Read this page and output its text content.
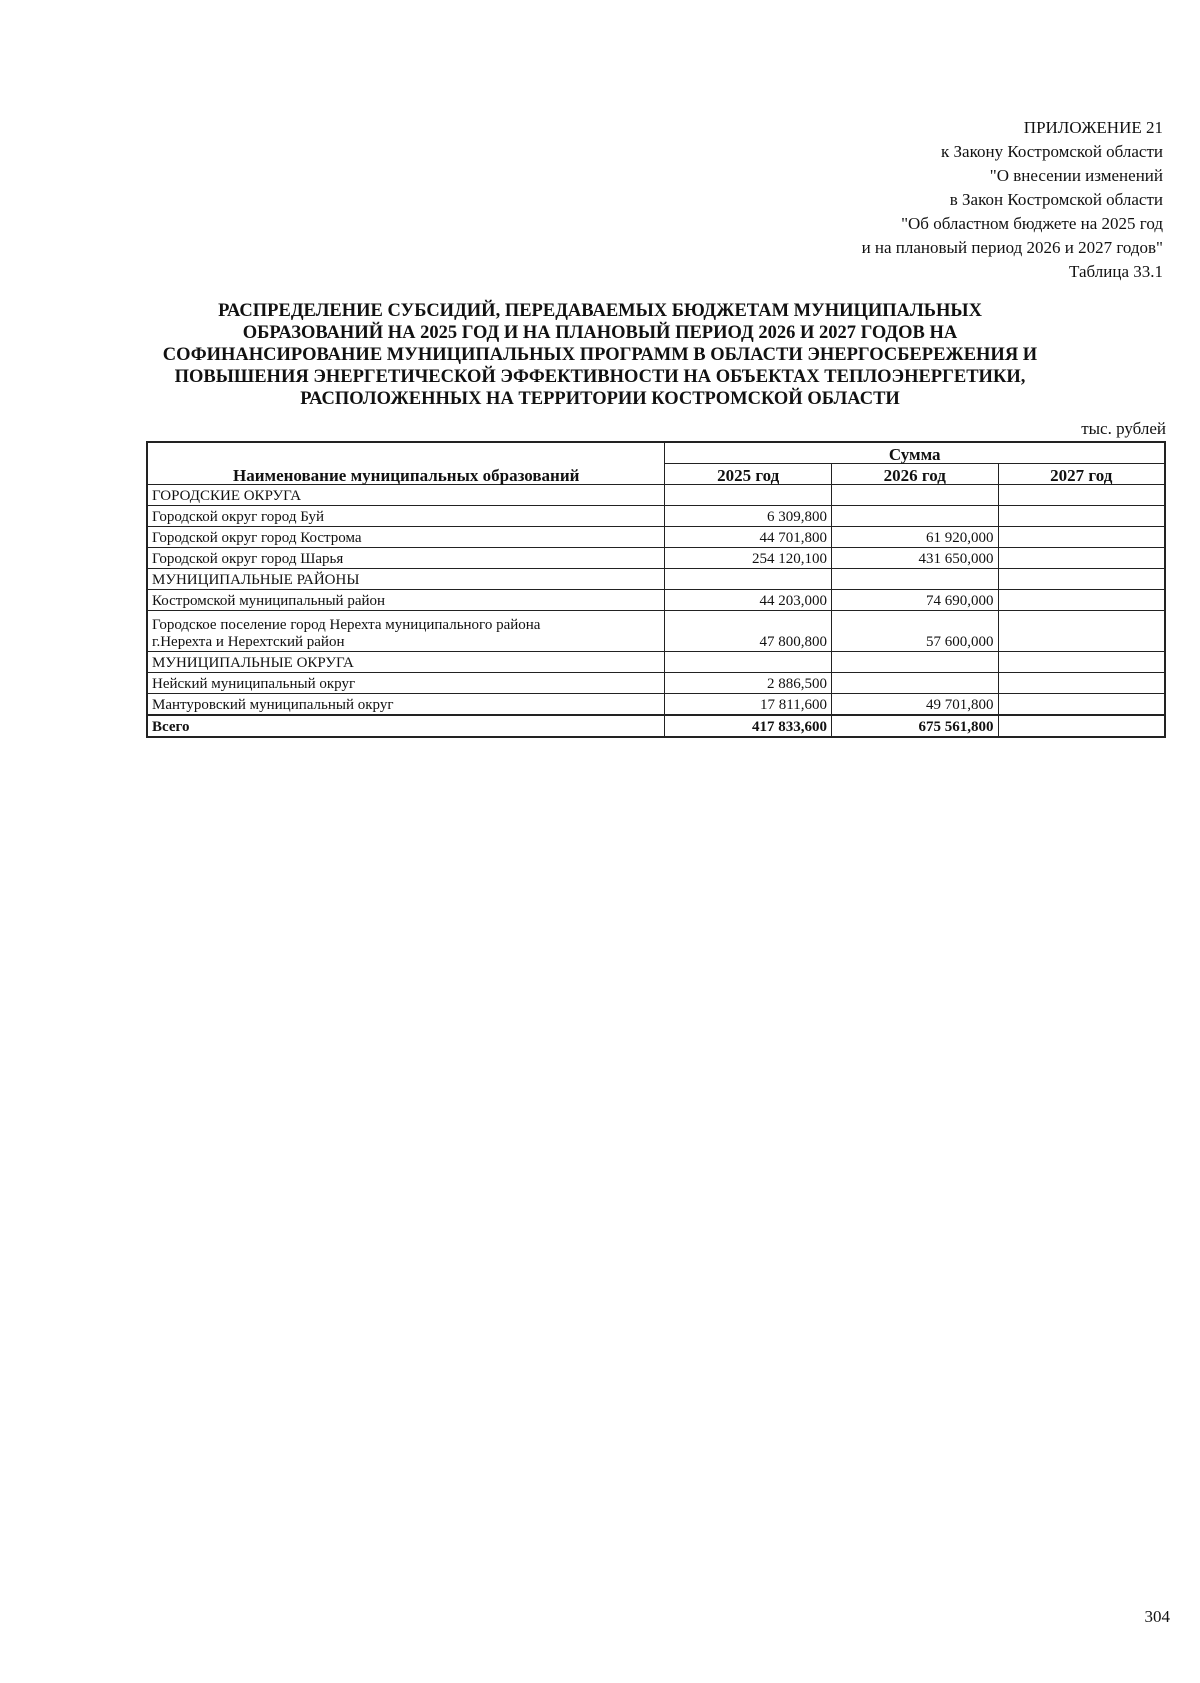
ПРИЛОЖЕНИЕ 21
к Закону Костромской области
"О внесении изменений
в Закон Костромской области
"Об областном бюджете на 2025 год
и на плановый период 2026 и 2027 годов"
Таблица 33.1
РАСПРЕДЕЛЕНИЕ СУБСИДИЙ, ПЕРЕДАВАЕМЫХ БЮДЖЕТАМ МУНИЦИПАЛЬНЫХ
ОБРАЗОВАНИЙ НА 2025 ГОД И НА ПЛАНОВЫЙ ПЕРИОД 2026 И 2027 ГОДОВ НА
СОФИНАНСИРОВАНИЕ МУНИЦИПАЛЬНЫХ ПРОГРАММ В ОБЛАСТИ ЭНЕРГОСБЕРЕЖЕНИЯ И
ПОВЫШЕНИЯ ЭНЕРГЕТИЧЕСКОЙ ЭФФЕКТИВНОСТИ НА ОБЪЕКТАХ ТЕПЛОЭНЕРГЕТИКИ,
РАСПОЛОЖЕННЫХ НА ТЕРРИТОРИИ КОСТРОМСКОЙ ОБЛАСТИ
тыс. рублей
Наименование муниципальных образований	Сумма		
	2025 год	2026 год	2027 год
ГОРОДСКИЕ ОКРУГА			
Городской округ город Буй	6 309,800		
Городской округ город Кострома	44 701,800	61 920,000	
Городской округ город Шарья	254 120,100	431 650,000	
МУНИЦИПАЛЬНЫЕ РАЙОНЫ			
Костромской муниципальный район	44 203,000	74 690,000	

Городское поселение город Нерехта муниципального района
г.Нерехта и Нерехтский район	47 800,800	57 600,000	
МУНИЦИПАЛЬНЫЕ ОКРУГА			
Нейский муниципальный округ	2 886,500		
Мантуровский муниципальный округ	17 811,600	49 701,800	
Всего	417 833,600	675 561,800	
304
